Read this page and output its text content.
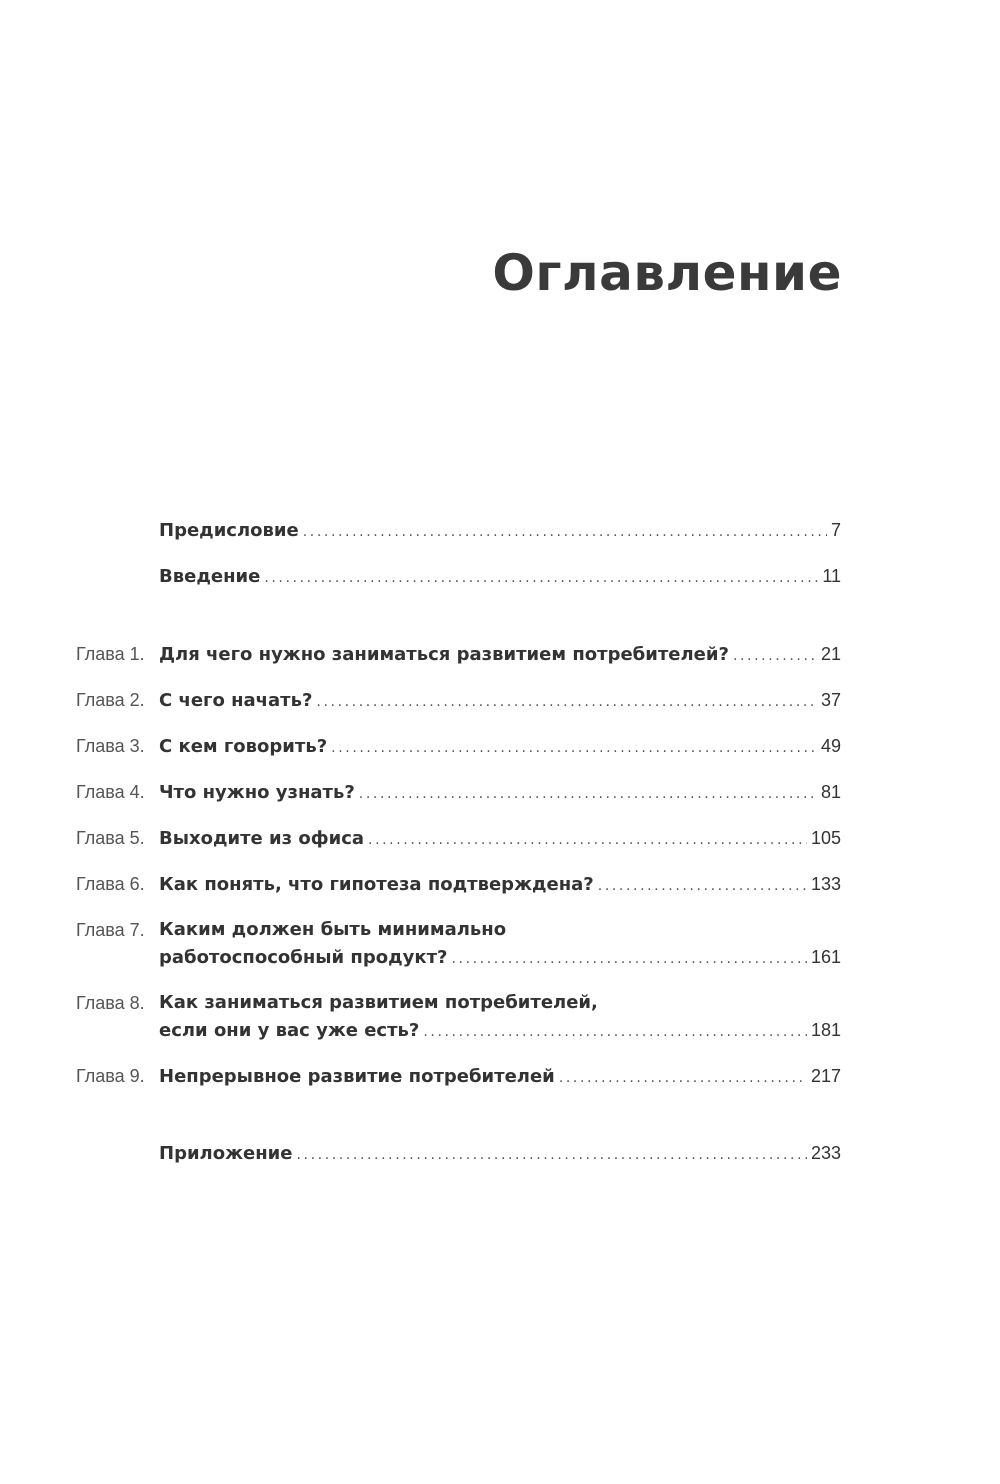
Оглавление
Предисловие .....	7
Введение .....	11
Глава 1. Для чего нужно заниматься развитием потребителей? .....	21
Глава 2. С чего начать? .....	37
Глава 3. С кем говорить? .....	49
Глава 4. Что нужно узнать? .....	81
Глава 5. Выходите из офиса .....	105
Глава 6. Как понять, что гипотеза подтверждена? .....	133
Глава 7. Каким должен быть минимально
работоспособный продукт? .....	161
Глава 8. Как заниматься развитием потребителей,
если они у вас уже есть? .....	181
Глава 9. Непрерывное развитие потребителей .....	217
Приложение .....	233
